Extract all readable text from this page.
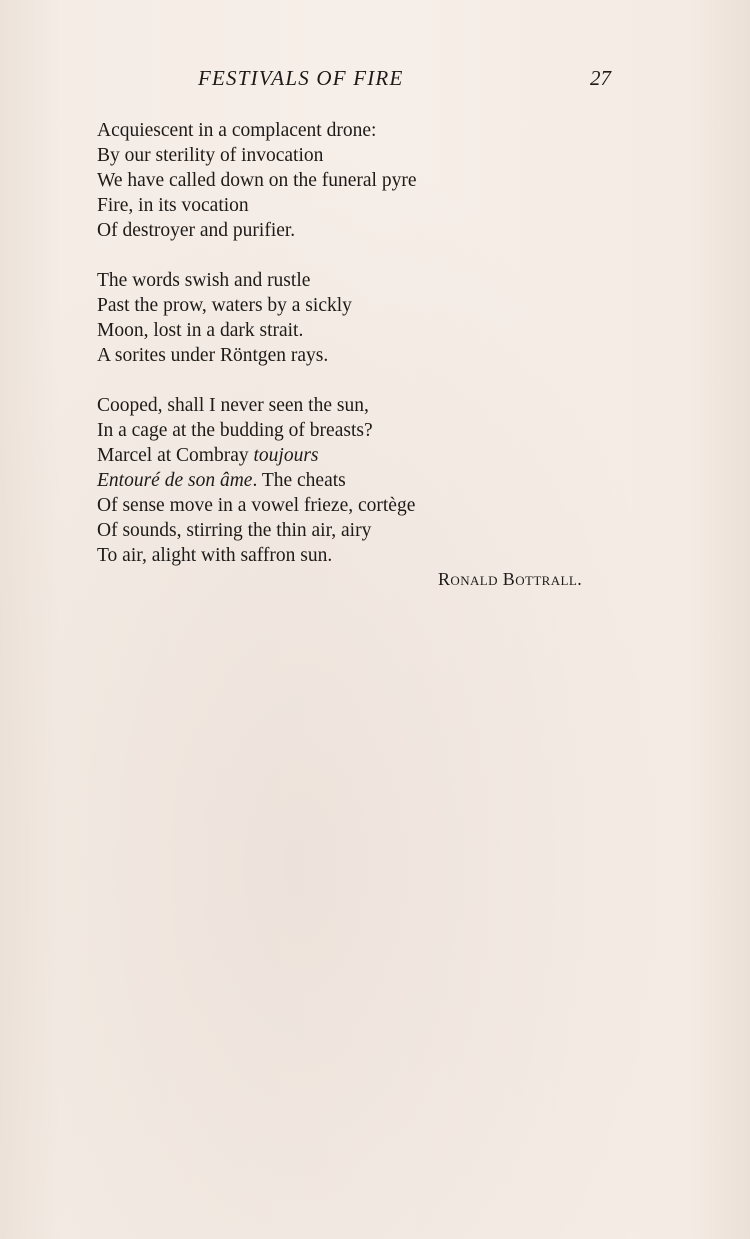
FESTIVALS OF FIRE	27
Acquiescent in a complacent drone:
By our sterility of invocation
We have called down on the funeral pyre
Fire, in its vocation
Of destroyer and purifier.
The words swish and rustle
Past the prow, waters by a sickly
Moon, lost in a dark strait.
A sorites under Röntgen rays.
Cooped, shall I never seen the sun,
In a cage at the budding of breasts?
Marcel at Combray toujours
Entouré de son âme. The cheats
Of sense move in a vowel frieze, cortège
Of sounds, stirring the thin air, airy
To air, alight with saffron sun.
Ronald Bottrall.
